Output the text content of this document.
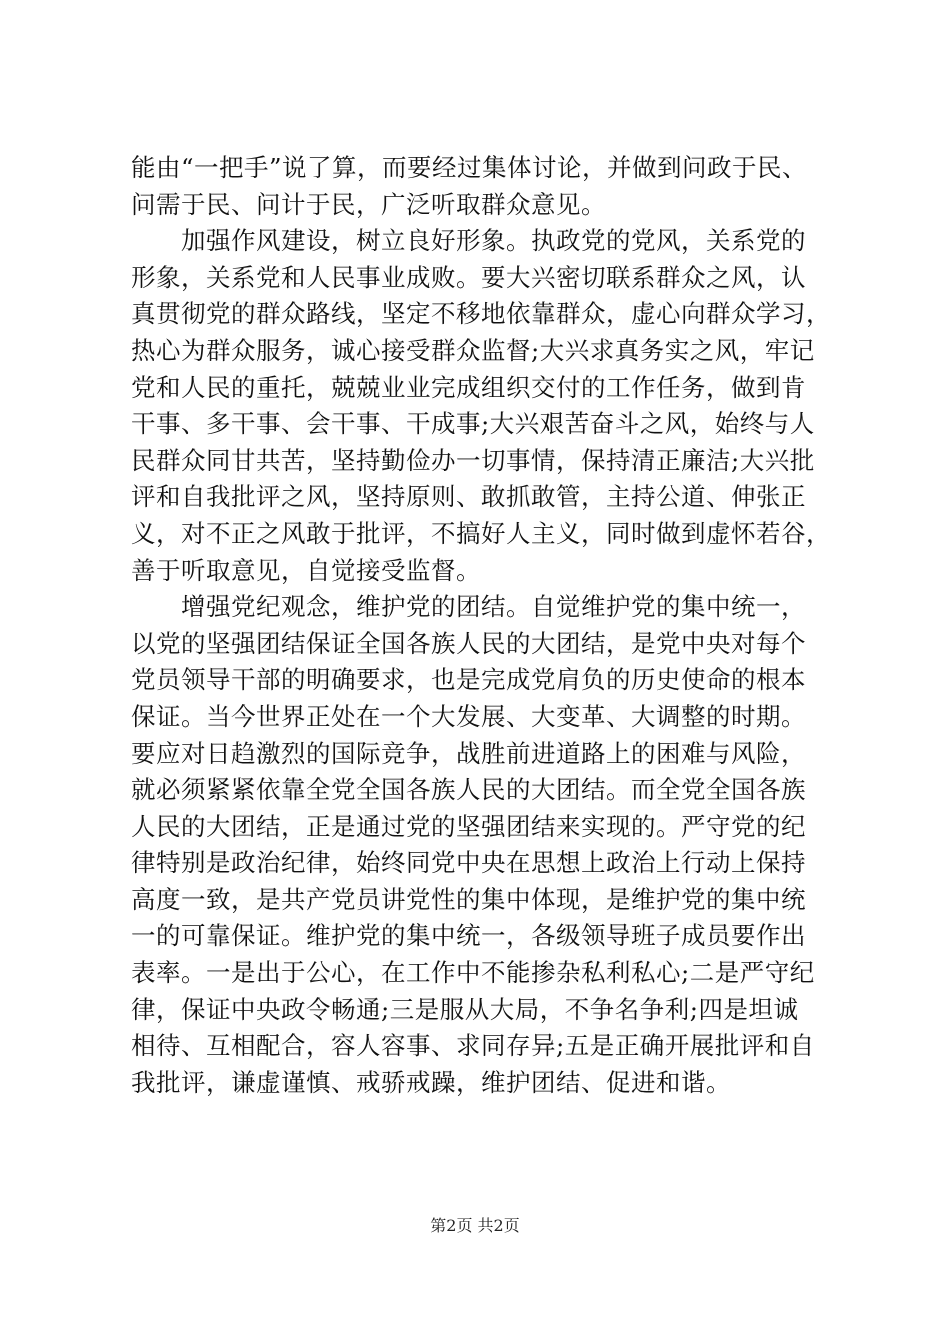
能由“一把手”说了算，而要经过集体讨论，并做到问政于民、
问需于民、问计于民，广泛听取群众意见。
加强作风建设，树立良好形象。执政党的党风，关系党的
形象，关系党和人民事业成败。要大兴密切联系群众之风，认
真贯彻党的群众路线，坚定不移地依靠群众，虚心向群众学习，
热心为群众服务，诚心接受群众监督;大兴求真务实之风，牢记
党和人民的重托，兢兢业业完成组织交付的工作任务，做到肯
干事、多干事、会干事、干成事;大兴艰苦奋斗之风，始终与人
民群众同甘共苦，坚持勤俭办一切事情，保持清正廉洁;大兴批
评和自我批评之风，坚持原则、敢抓敢管，主持公道、伸张正
义，对不正之风敢于批评，不搞好人主义，同时做到虚怀若谷，
善于听取意见，自觉接受监督。
增强党纪观念，维护党的团结。自觉维护党的集中统一，
以党的坚强团结保证全国各族人民的大团结，是党中央对每个
党员领导干部的明确要求，也是完成党肩负的历史使命的根本
保证。当今世界正处在一个大发展、大变革、大调整的时期。
要应对日趋激烈的国际竞争，战胜前进道路上的困难与风险，
就必须紧紧依靠全党全国各族人民的大团结。而全党全国各族
人民的大团结，正是通过党的坚强团结来实现的。严守党的纪
律特别是政治纪律，始终同党中央在思想上政治上行动上保持
高度一致，是共产党员讲党性的集中体现，是维护党的集中统
一的可靠保证。维护党的集中统一，各级领导班子成员要作出
表率。一是出于公心，在工作中不能掺杂私利私心;二是严守纪
律，保证中央政令畅通;三是服从大局，不争名争利;四是坦诚
相待、互相配合，容人容事、求同存异;五是正确开展批评和自
我批评，谦虚谨慎、戒骄戒躁，维护团结、促进和谐。
第2页 共2页
